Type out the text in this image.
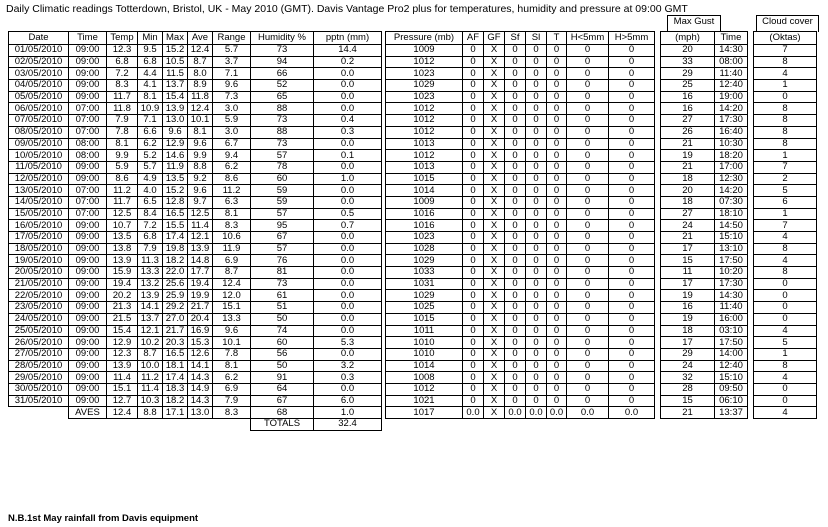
Daily Climatic readings Totterdown, Bristol, UK - May 2010 (GMT). Davis Vantage Pro2 plus for temperatures, humidity and pressure at 09:00 GMT
Max Gust	Cloud cover
Date	Time	Temp	Min	Max	Ave	Range	Humidity %	pptn (mm)		Pressure (mb)	AF	GF	Sf	Sl	T	H<5mm	H>5mm		(mph)	Time		(Oktas)
01/05/2010	09:00	12.3	9.5	15.2	12.4	5.7	73	14.4		1009	0	X	0	0	0	0	0		20	14:30		7
02/05/2010	09:00	6.8	6.8	10.5	8.7	3.7	94	0.2		1012	0	X	0	0	0	0	0		33	08:00		8
03/05/2010	09:00	7.2	4.4	11.5	8.0	7.1	66	0.0		1023	0	X	0	0	0	0	0		29	11:40		4
04/05/2010	09:00	8.3	4.1	13.7	8.9	9.6	52	0.0		1029	0	X	0	0	0	0	0		25	12:40		1
05/05/2010	09:00	11.7	8.1	15.4	11.8	7.3	65	0.0		1023	0	X	0	0	0	0	0		16	19:00		0
06/05/2010	07:00	11.8	10.9	13.9	12.4	3.0	88	0.0		1012	0	X	0	0	0	0	0		16	14:20		8
07/05/2010	07:00	7.9	7.1	13.0	10.1	5.9	73	0.4		1012	0	X	0	0	0	0	0		27	17:30		8
08/05/2010	07:00	7.8	6.6	9.6	8.1	3.0	88	0.3		1012	0	X	0	0	0	0	0		26	16:40		8
09/05/2010	08:00	8.1	6.2	12.9	9.6	6.7	73	0.0		1013	0	X	0	0	0	0	0		21	10:30		8
10/05/2010	08:00	9.9	5.2	14.6	9.9	9.4	57	0.1		1012	0	X	0	0	0	0	0		19	18:20		1
11/05/2010	09:00	5.9	5.7	11.9	8.8	6.2	78	0.0		1013	0	X	0	0	0	0	0		21	17:00		7
12/05/2010	09:00	8.6	4.9	13.5	9.2	8.6	60	1.0		1015	0	X	0	0	0	0	0		18	12:30		2
13/05/2010	07:00	11.2	4.0	15.2	9.6	11.2	59	0.0		1014	0	X	0	0	0	0	0		20	14:20		5
14/05/2010	07:00	11.7	6.5	12.8	9.7	6.3	59	0.0		1009	0	X	0	0	0	0	0		18	07:30		6
15/05/2010	07:00	12.5	8.4	16.5	12.5	8.1	57	0.5		1016	0	X	0	0	0	0	0		27	18:10		1
16/05/2010	09:00	10.7	7.2	15.5	11.4	8.3	95	0.7		1016	0	X	0	0	0	0	0		24	14:50		7
17/05/2010	09:00	13.5	6.8	17.4	12.1	10.6	67	0.0		1023	0	X	0	0	0	0	0		21	15:10		4
18/05/2010	09:00	13.8	7.9	19.8	13.9	11.9	57	0.0		1028	0	X	0	0	0	0	0		17	13:10		8
19/05/2010	09:00	13.9	11.3	18.2	14.8	6.9	76	0.0		1029	0	X	0	0	0	0	0		15	17:50		4
20/05/2010	09:00	15.9	13.3	22.0	17.7	8.7	81	0.0		1033	0	X	0	0	0	0	0		11	10:20		8
21/05/2010	09:00	19.4	13.2	25.6	19.4	12.4	73	0.0		1031	0	X	0	0	0	0	0		17	17:30		0
22/05/2010	09:00	20.2	13.9	25.9	19.9	12.0	61	0.0		1029	0	X	0	0	0	0	0		19	14:30		0
23/05/2010	09:00	21.3	14.1	29.2	21.7	15.1	51	0.0		1025	0	X	0	0	0	0	0		16	11:40		0
24/05/2010	09:00	21.5	13.7	27.0	20.4	13.3	50	0.0		1015	0	X	0	0	0	0	0		19	16:00		0
25/05/2010	09:00	15.4	12.1	21.7	16.9	9.6	74	0.0		1011	0	X	0	0	0	0	0		18	03:10		4
26/05/2010	09:00	12.9	10.2	20.3	15.3	10.1	60	5.3		1010	0	X	0	0	0	0	0		17	17:50		5
27/05/2010	09:00	12.3	8.7	16.5	12.6	7.8	56	0.0		1010	0	X	0	0	0	0	0		29	14:00		1
28/05/2010	09:00	13.9	10.0	18.1	14.1	8.1	50	3.2		1014	0	X	0	0	0	0	0		24	12:40		8
29/05/2010	09:00	11.4	11.2	17.4	14.3	6.2	91	0.3		1008	0	X	0	0	0	0	0		32	15:10		4
30/05/2010	09:00	15.1	11.4	18.3	14.9	6.9	64	0.0		1012	0	X	0	0	0	0	0		28	09:50		0
31/05/2010	09:00	12.7	10.3	18.2	14.3	7.9	67	6.0		1021	0	X	0	0	0	0	0		15	06:10		0
	AVES	12.4	8.8	17.1	13.0	8.3	68	1.0		1017	0.0	X	0.0	0.0	0.0	0.0	0.0		21	13:37		4
							TOTALS	32.4														
N.B.1st May rainfall from Davis equipment
